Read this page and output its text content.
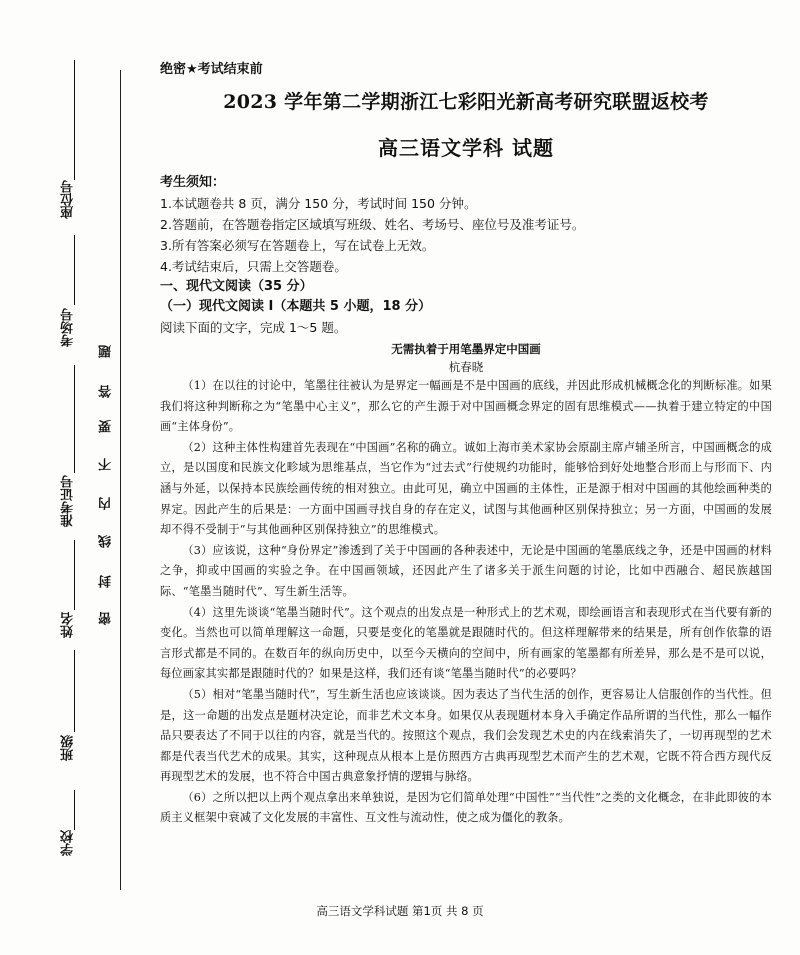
座位号
考场号
准考证号
姓名
班级
学校
题
答
要
不
内
线
封
密
绝密★考试结束前
2023 学年第二学期浙江七彩阳光新高考研究联盟返校考
高三语文学科 试题
考生须知：
1.本试题卷共 8 页，满分 150 分，考试时间 150 分钟。
2.答题前，在答题卷指定区域填写班级、姓名、考场号、座位号及准考证号。
3.所有答案必须写在答题卷上，写在试卷上无效。
4.考试结束后，只需上交答题卷。
一、现代文阅读（35 分）
（一）现代文阅读 I（本题共 5 小题，18 分）
阅读下面的文字，完成 1～5 题。
无需执着于用笔墨界定中国画
杭春晓

（1）在以往的讨论中，笔墨往往被认为是界定一幅画是不是中国画的底线，并因此形成机械概念化的判断标准。如果我们将这种判断称之为“笔墨中心主义”，那么它的产生源于对中国画概念界定的固有思维模式——执着于建立特定的中国画“主体身份”。

（2）这种主体性构建首先表现在“中国画”名称的确立。诚如上海市美术家协会原副主席卢辅圣所言，中国画概念的成立，是以国度和民族文化畛域为思维基点，当它作为“过去式”行使规约功能时，能够恰到好处地整合形而上与形而下、内涵与外延，以保持本民族绘画传统的相对独立。由此可见，确立中国画的主体性，正是源于相对中国画的其他绘画种类的界定。因此产生的后果是：一方面中国画寻找自身的存在定义，试图与其他画种区别保持独立；另一方面，中国画的发展却不得不受制于“与其他画种区别保持独立”的思维模式。

（3）应该说，这种“身份界定”渗透到了关于中国画的各种表述中，无论是中国画的笔墨底线之争，还是中国画的材料之争，抑或中国画的实验之争。在中国画领域，还因此产生了诸多关于派生问题的讨论，比如中西融合、超民族越国际、“笔墨当随时代”、写生新生活等。

（4）这里先谈谈“笔墨当随时代”。这个观点的出发点是一种形式上的艺术观，即绘画语言和表现形式在当代要有新的变化。当然也可以简单理解这一命题，只要是变化的笔墨就是跟随时代的。但这样理解带来的结果是，所有创作依靠的语言形式都是不同的。在数百年的纵向历史中，以至今天横向的空间中，所有画家的笔墨都有所差异，那么是不是可以说，每位画家其实都是跟随时代的？如果是这样，我们还有谈“笔墨当随时代”的必要吗？

（5）相对“笔墨当随时代”，写生新生活也应该谈谈。因为表达了当代生活的创作，更容易让人信服创作的当代性。但是，这一命题的出发点是题材决定论，而非艺术文本身。如果仅从表现题材本身入手确定作品所谓的当代性，那么一幅作品只要表达了不同于以往的内容，就是当代的。按照这个观点，我们会发现艺术史的内在线索消失了，一切再现型的艺术都是代表当代艺术的成果。其实，这种现点从根本上是仿照西方古典再现型艺术而产生的艺术观，它既不符合西方现代反再现型艺术的发展，也不符合中国古典意象抒情的逻辑与脉络。

（6）之所以把以上两个观点拿出来单独说，是因为它们简单处理“中国性”“当代性”之类的文化概念，在非此即彼的本质主义框架中衰减了文化发展的丰富性、互文性与流动性，使之成为僵化的教条。

高三语文学科试题 第1页 共 8 页
